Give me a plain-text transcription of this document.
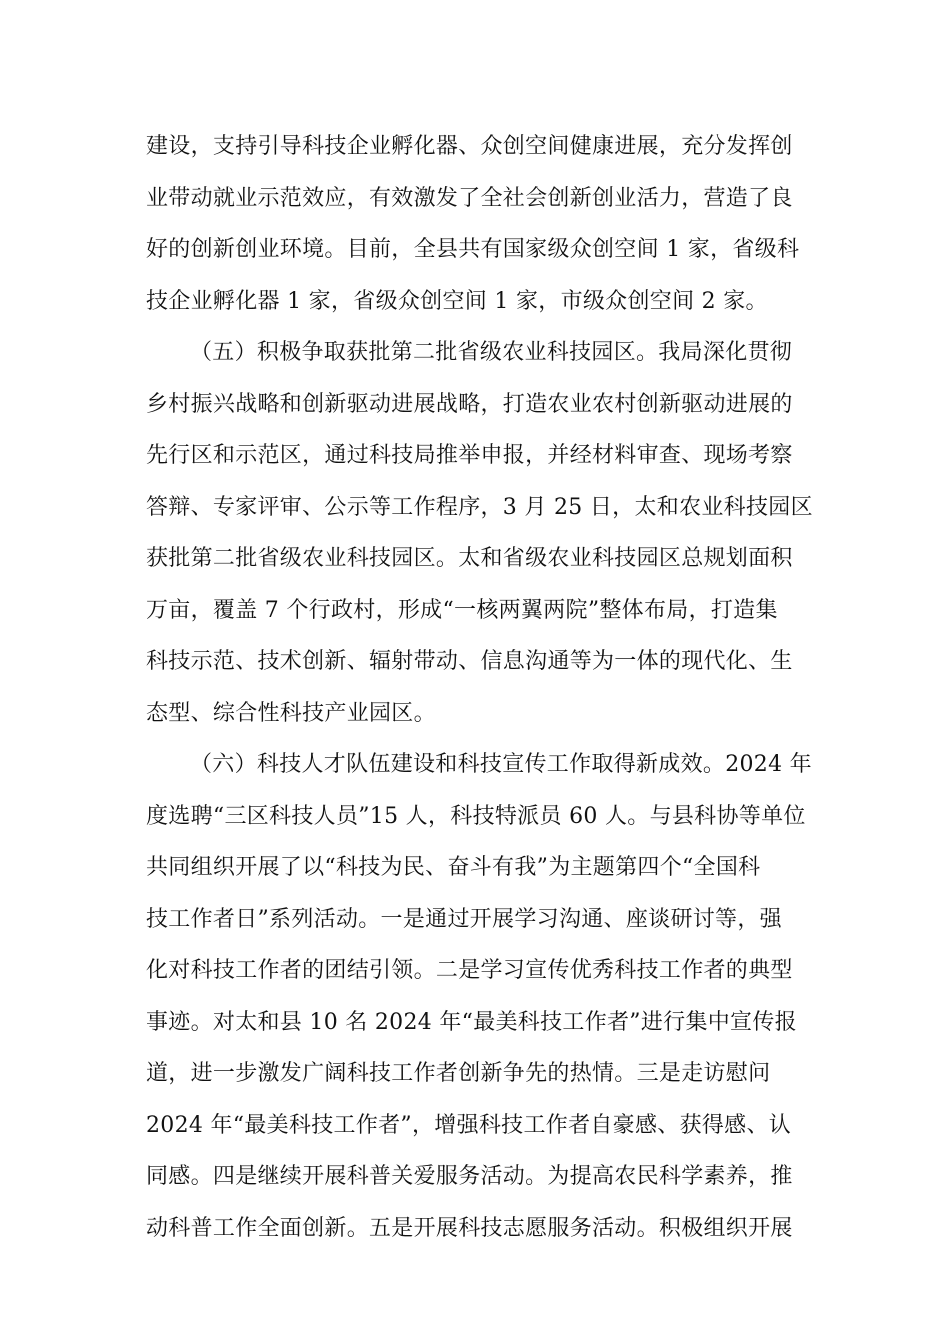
建设，支持引导科技企业孵化器、众创空间健康进展，充分发挥创
业带动就业示范效应，有效激发了全社会创新创业活力，营造了良
好的创新创业环境。目前，全县共有国家级众创空间 1 家，省级科
技企业孵化器 1 家，省级众创空间 1 家，市级众创空间 2 家。
（五）积极争取获批第二批省级农业科技园区。我局深化贯彻
乡村振兴战略和创新驱动进展战略，打造农业农村创新驱动进展的
先行区和示范区，通过科技局推举申报，并经材料审查、现场考察
答辩、专家评审、公示等工作程序，3 月 25 日，太和农业科技园区
获批第二批省级农业科技园区。太和省级农业科技园区总规划面积
万亩，覆盖 7 个行政村，形成“一核两翼两院”整体布局，打造集
科技示范、技术创新、辐射带动、信息沟通等为一体的现代化、生
态型、综合性科技产业园区。
（六）科技人才队伍建设和科技宣传工作取得新成效。2024 年
度选聘“三区科技人员”15 人，科技特派员 60 人。与县科协等单位
共同组织开展了以“科技为民、奋斗有我”为主题第四个“全国科
技工作者日”系列活动。一是通过开展学习沟通、座谈研讨等，强
化对科技工作者的团结引领。二是学习宣传优秀科技工作者的典型
事迹。对太和县 10 名 2024 年“最美科技工作者”进行集中宣传报
道，进一步激发广阔科技工作者创新争先的热情。三是走访慰问
2024 年“最美科技工作者”，增强科技工作者自豪感、获得感、认
同感。四是继续开展科普关爱服务活动。为提高农民科学素养，推
动科普工作全面创新。五是开展科技志愿服务活动。积极组织开展
